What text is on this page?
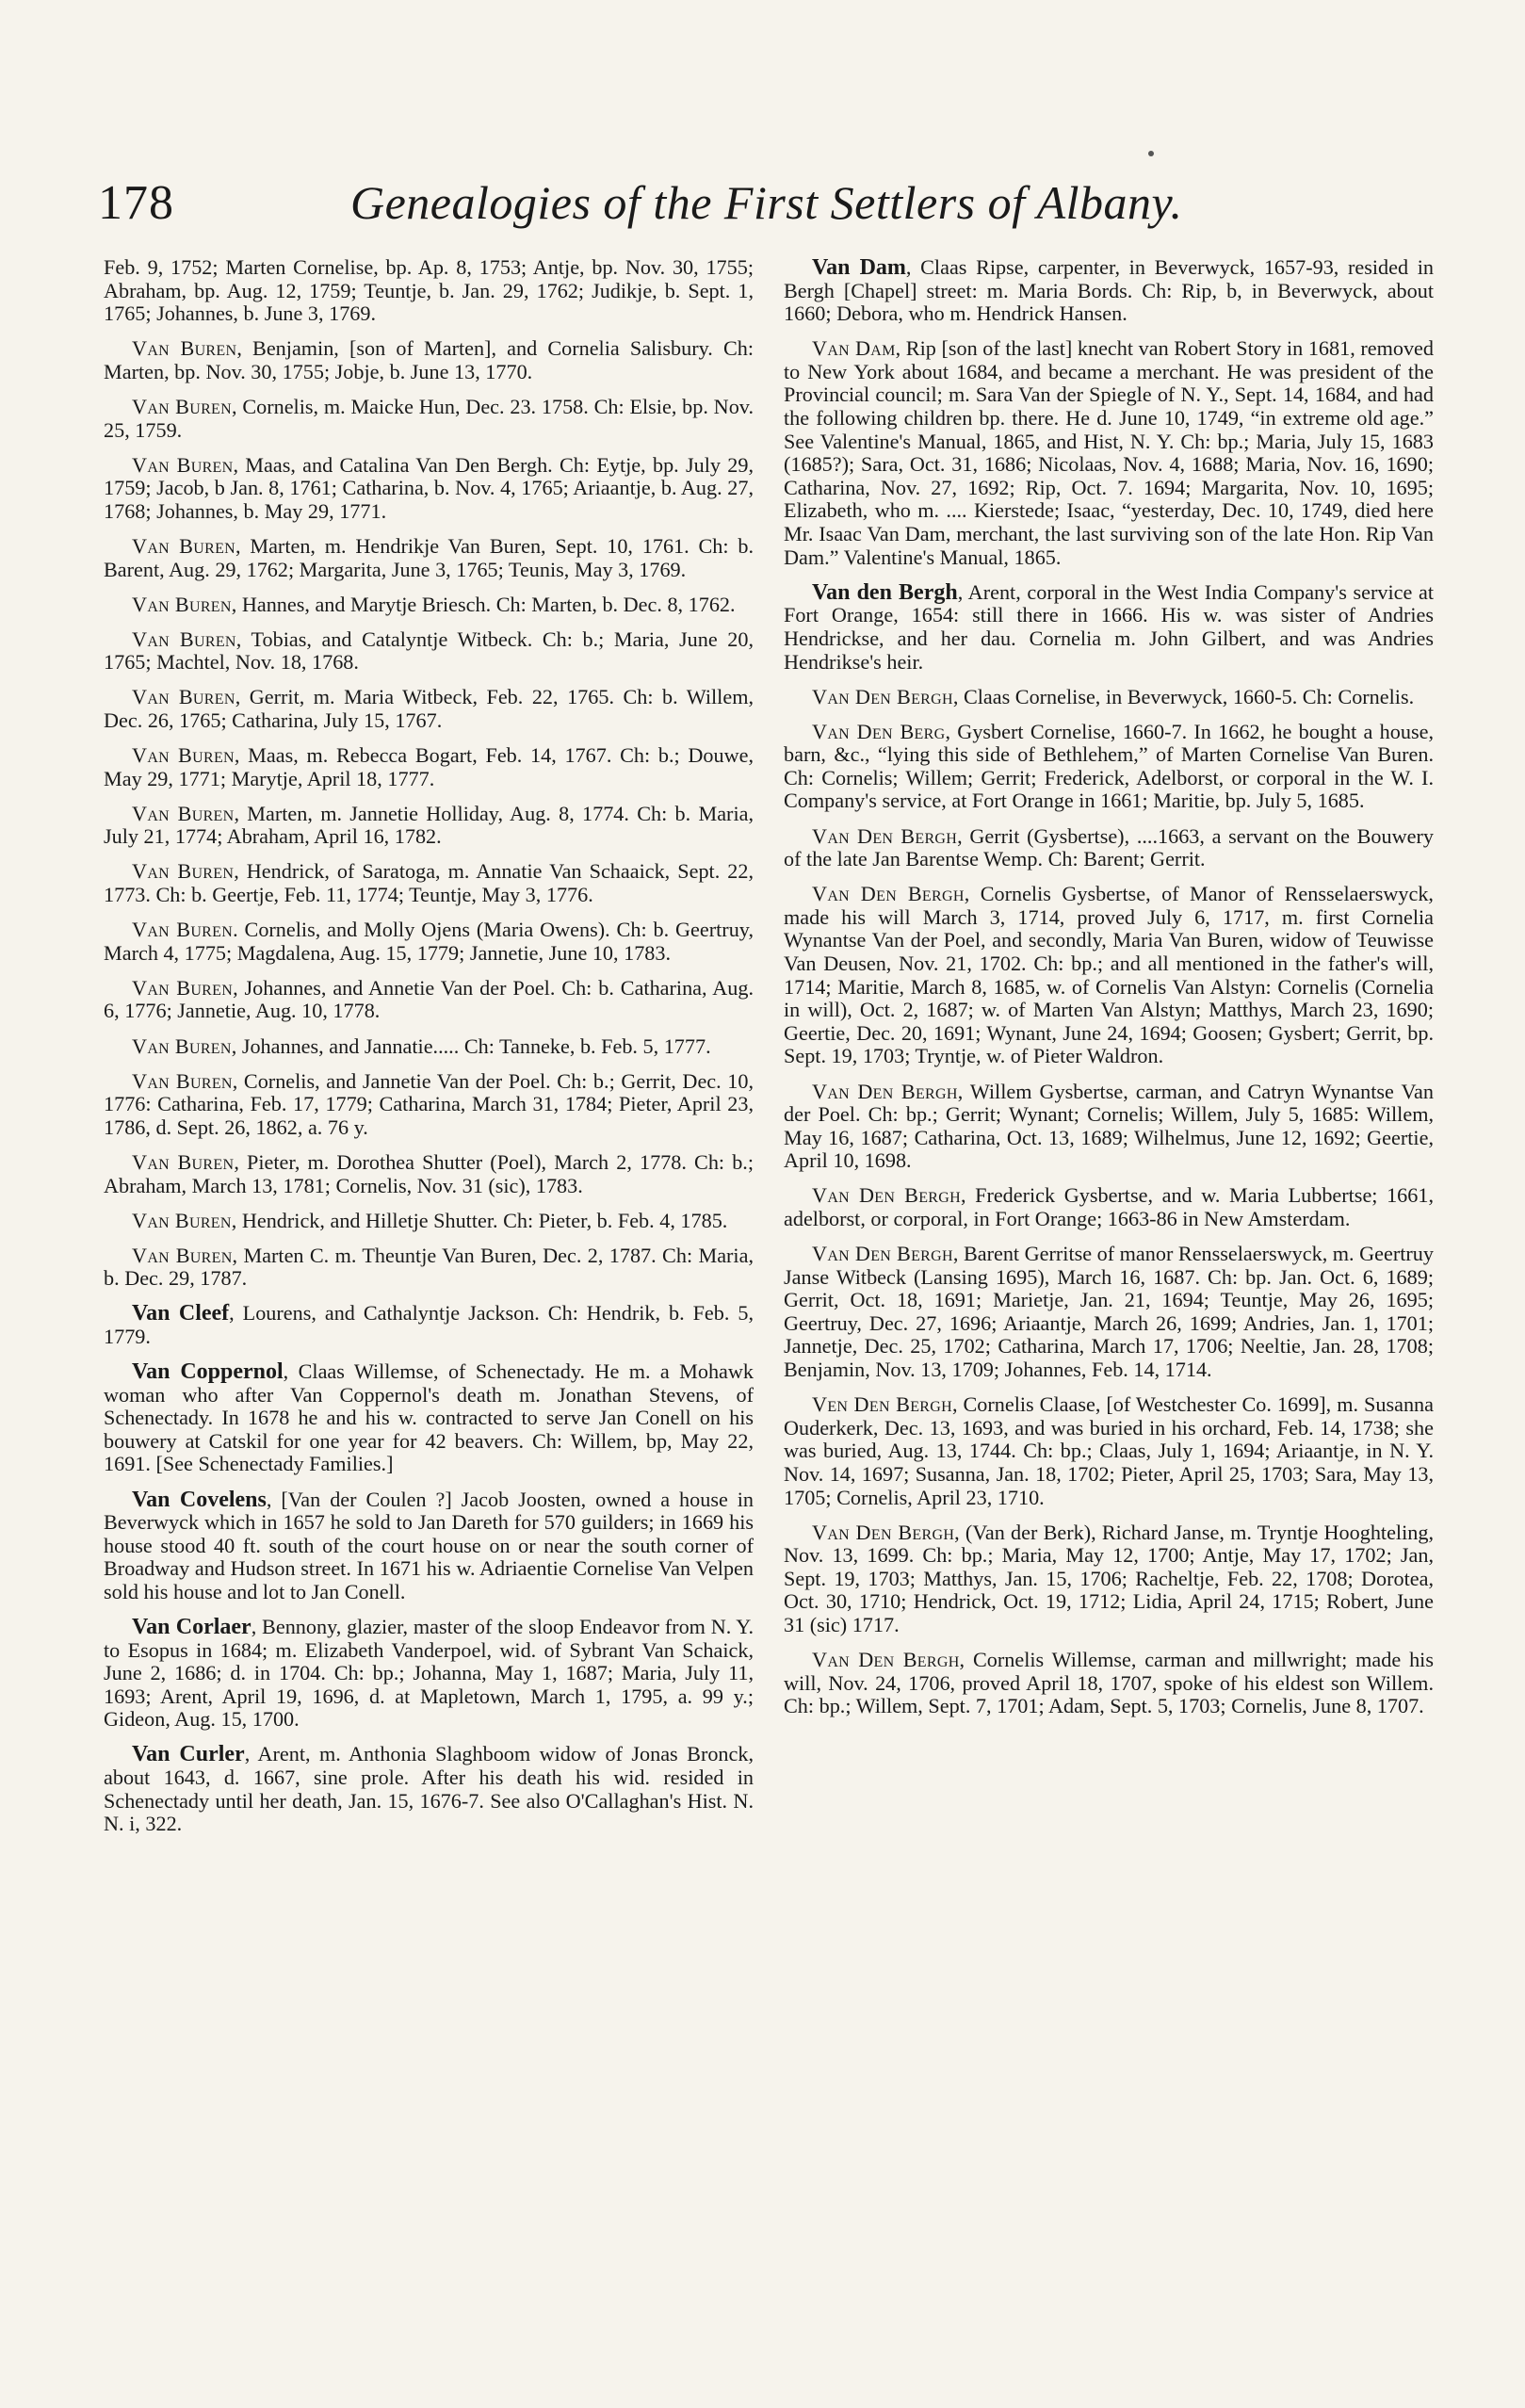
178	Genealogies of the First Settlers of Albany.

Feb. 9, 1752; Marten Cornelise, bp. Ap. 8, 1753; Antje, bp. Nov. 30, 1755; Abraham, bp. Aug. 12, 1759; Teuntje, b. Jan. 29, 1762; Judikje, b. Sept. 1, 1765; Johannes, b. June 3, 1769.

Van Buren, Benjamin, [son of Marten], and Cornelia Salisbury. Ch: Marten, bp. Nov. 30, 1755; Jobje, b. June 13, 1770.

Van Buren, Cornelis, m. Maicke Hun, Dec. 23. 1758. Ch: Elsie, bp. Nov. 25, 1759.

Van Buren, Maas, and Catalina Van Den Bergh. Ch: Eytje, bp. July 29, 1759; Jacob, b Jan. 8, 1761; Catharina, b. Nov. 4, 1765; Ariaantje, b. Aug. 27, 1768; Johannes, b. May 29, 1771.

Van Buren, Marten, m. Hendrikje Van Buren, Sept. 10, 1761. Ch: b. Barent, Aug. 29, 1762; Margarita, June 3, 1765; Teunis, May 3, 1769.

Van Buren, Hannes, and Marytje Briesch. Ch: Marten, b. Dec. 8, 1762.

Van Buren, Tobias, and Catalyntje Witbeck. Ch: b.; Maria, June 20, 1765; Machtel, Nov. 18, 1768.

Van Buren, Gerrit, m. Maria Witbeck, Feb. 22, 1765. Ch: b. Willem, Dec. 26, 1765; Catharina, July 15, 1767.

Van Buren, Maas, m. Rebecca Bogart, Feb. 14, 1767. Ch: b.; Douwe, May 29, 1771; Marytje, April 18, 1777.

Van Buren, Marten, m. Jannetie Holliday, Aug. 8, 1774. Ch: b. Maria, July 21, 1774; Abraham, April 16, 1782.

Van Buren, Hendrick, of Saratoga, m. Annatie Van Schaaick, Sept. 22, 1773. Ch: b. Geertje, Feb. 11, 1774; Teuntje, May 3, 1776.

Van Buren. Cornelis, and Molly Ojens (Maria Owens). Ch: b. Geertruy, March 4, 1775; Magdalena, Aug. 15, 1779; Jannetie, June 10, 1783.

Van Buren, Johannes, and Annetie Van der Poel. Ch: b. Catharina, Aug. 6, 1776; Jannetie, Aug. 10, 1778.

Van Buren, Johannes, and Jannatie..... Ch: Tanneke, b. Feb. 5, 1777.

Van Buren, Cornelis, and Jannetie Van der Poel. Ch: b.; Gerrit, Dec. 10, 1776: Catharina, Feb. 17, 1779; Catharina, March 31, 1784; Pieter, April 23, 1786, d. Sept. 26, 1862, a. 76 y.

Van Buren, Pieter, m. Dorothea Shutter (Poel), March 2, 1778. Ch: b.; Abraham, March 13, 1781; Cornelis, Nov. 31 (sic), 1783.

Van Buren, Hendrick, and Hilletje Shutter. Ch: Pieter, b. Feb. 4, 1785.

Van Buren, Marten C. m. Theuntje Van Buren, Dec. 2, 1787. Ch: Maria, b. Dec. 29, 1787.

Van Cleef, Lourens, and Cathalyntje Jackson. Ch: Hendrik, b. Feb. 5, 1779.

Van Coppernol, Claas Willemse, of Schenectady. He m. a Mohawk woman who after Van Coppernol's death m. Jonathan Stevens, of Schenectady. In 1678 he and his w. contracted to serve Jan Conell on his bouwery at Catskil for one year for 42 beavers. Ch: Willem, bp, May 22, 1691. [See Schenectady Families.]

Van Covelens, [Van der Coulen ?] Jacob Joosten, owned a house in Beverwyck which in 1657 he sold to Jan Dareth for 570 guilders; in 1669 his house stood 40 ft. south of the court house on or near the south corner of Broadway and Hudson street. In 1671 his w. Adriaentie Cornelise Van Velpen sold his house and lot to Jan Conell.

Van Corlaer, Bennony, glazier, master of the sloop Endeavor from N. Y. to Esopus in 1684; m. Elizabeth Vanderpoel, wid. of Sybrant Van Schaick, June 2, 1686; d. in 1704. Ch: bp.; Johanna, May 1, 1687; Maria, July 11, 1693; Arent, April 19, 1696, d. at Mapletown, March 1, 1795, a. 99 y.; Gideon, Aug. 15, 1700.

Van Curler, Arent, m. Anthonia Slaghboom widow of Jonas Bronck, about 1643, d. 1667, sine prole. After his death his wid. resided in Schenectady until her death, Jan. 15, 1676-7. See also O'Callaghan's Hist. N. N. i, 322.

Van Dam, Claas Ripse, carpenter, in Beverwyck, 1657-93, resided in Bergh [Chapel] street: m. Maria Bords. Ch: Rip, b, in Beverwyck, about 1660; Debora, who m. Hendrick Hansen.

Van Dam, Rip [son of the last] knecht van Robert Story in 1681, removed to New York about 1684, and became a merchant. He was president of the Provincial council; m. Sara Van der Spiegle of N. Y., Sept. 14, 1684, and had the following children bp. there. He d. June 10, 1749, “in extreme old age.” See Valentine's Manual, 1865, and Hist, N. Y. Ch: bp.; Maria, July 15, 1683 (1685?); Sara, Oct. 31, 1686; Nicolaas, Nov. 4, 1688; Maria, Nov. 16, 1690; Catharina, Nov. 27, 1692; Rip, Oct. 7. 1694; Margarita, Nov. 10, 1695; Elizabeth, who m. .... Kierstede; Isaac, “yesterday, Dec. 10, 1749, died here Mr. Isaac Van Dam, merchant, the last surviving son of the late Hon. Rip Van Dam.” Valentine's Manual, 1865.

Van den Bergh, Arent, corporal in the West India Company's service at Fort Orange, 1654: still there in 1666. His w. was sister of Andries Hendrickse, and her dau. Cornelia m. John Gilbert, and was Andries Hendrikse's heir.

Van Den Bergh, Claas Cornelise, in Beverwyck, 1660-5. Ch: Cornelis.

Van Den Berg, Gysbert Cornelise, 1660-7. In 1662, he bought a house, barn, &c., “lying this side of Bethlehem,” of Marten Cornelise Van Buren. Ch: Cornelis; Willem; Gerrit; Frederick, Adelborst, or corporal in the W. I. Company's service, at Fort Orange in 1661; Maritie, bp. July 5, 1685.

Van Den Bergh, Gerrit (Gysbertse), ....1663, a servant on the Bouwery of the late Jan Barentse Wemp. Ch: Barent; Gerrit.

Van Den Bergh, Cornelis Gysbertse, of Manor of Rensselaerswyck, made his will March 3, 1714, proved July 6, 1717, m. first Cornelia Wynantse Van der Poel, and secondly, Maria Van Buren, widow of Teuwisse Van Deusen, Nov. 21, 1702. Ch: bp.; and all mentioned in the father's will, 1714; Maritie, March 8, 1685, w. of Cornelis Van Alstyn: Cornelis (Cornelia in will), Oct. 2, 1687; w. of Marten Van Alstyn; Matthys, March 23, 1690; Geertie, Dec. 20, 1691; Wynant, June 24, 1694; Goosen; Gysbert; Gerrit, bp. Sept. 19, 1703; Tryntje, w. of Pieter Waldron.

Van Den Bergh, Willem Gysbertse, carman, and Catryn Wynantse Van der Poel. Ch: bp.; Gerrit; Wynant; Cornelis; Willem, July 5, 1685: Willem, May 16, 1687; Catharina, Oct. 13, 1689; Wilhelmus, June 12, 1692; Geertie, April 10, 1698.

Van Den Bergh, Frederick Gysbertse, and w. Maria Lubbertse; 1661, adelborst, or corporal, in Fort Orange; 1663-86 in New Amsterdam.

Van Den Bergh, Barent Gerritse of manor Rensselaerswyck, m. Geertruy Janse Witbeck (Lansing 1695), March 16, 1687. Ch: bp. Jan. Oct. 6, 1689; Gerrit, Oct. 18, 1691; Marietje, Jan. 21, 1694; Teuntje, May 26, 1695; Geertruy, Dec. 27, 1696; Ariaantje, March 26, 1699; Andries, Jan. 1, 1701; Jannetje, Dec. 25, 1702; Catharina, March 17, 1706; Neeltie, Jan. 28, 1708; Benjamin, Nov. 13, 1709; Johannes, Feb. 14, 1714.

Ven Den Bergh, Cornelis Claase, [of Westchester Co. 1699], m. Susanna Ouderkerk, Dec. 13, 1693, and was buried in his orchard, Feb. 14, 1738; she was buried, Aug. 13, 1744. Ch: bp.; Claas, July 1, 1694; Ariaantje, in N. Y. Nov. 14, 1697; Susanna, Jan. 18, 1702; Pieter, April 25, 1703; Sara, May 13, 1705; Cornelis, April 23, 1710.

Van Den Bergh, (Van der Berk), Richard Janse, m. Tryntje Hooghteling, Nov. 13, 1699. Ch: bp.; Maria, May 12, 1700; Antje, May 17, 1702; Jan, Sept. 19, 1703; Matthys, Jan. 15, 1706; Racheltje, Feb. 22, 1708; Dorotea, Oct. 30, 1710; Hendrick, Oct. 19, 1712; Lidia, April 24, 1715; Robert, June 31 (sic) 1717.

Van Den Bergh, Cornelis Willemse, carman and millwright; made his will, Nov. 24, 1706, proved April 18, 1707, spoke of his eldest son Willem. Ch: bp.; Willem, Sept. 7, 1701; Adam, Sept. 5, 1703; Cornelis, June 8, 1707.
